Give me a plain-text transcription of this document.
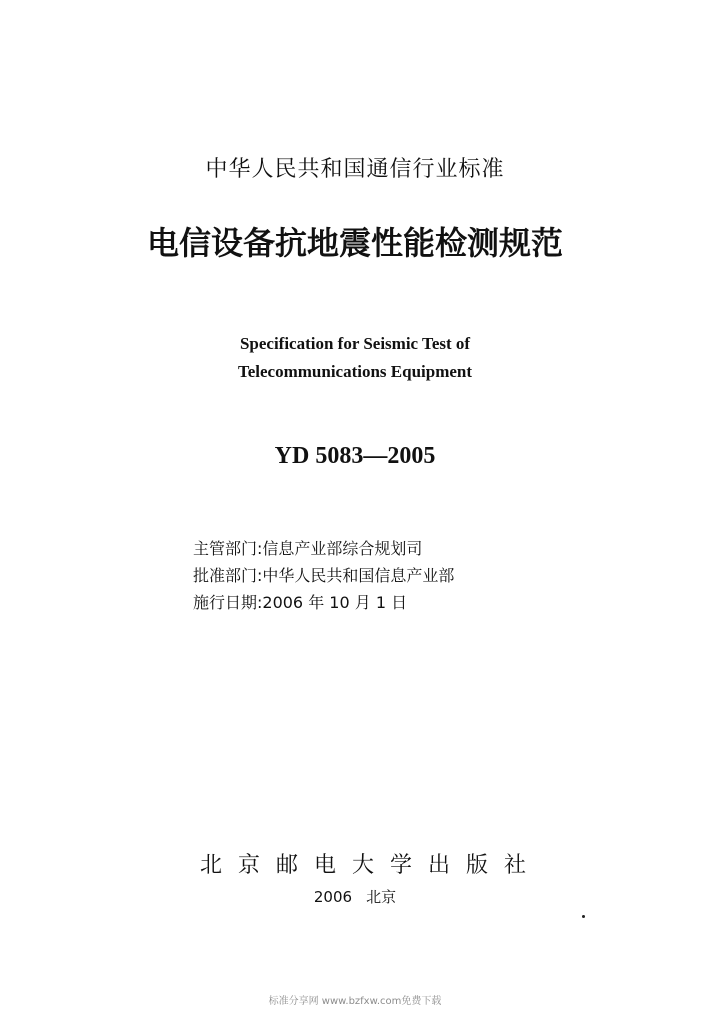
中华人民共和国通信行业标准
电信设备抗地震性能检测规范
Specification for Seismic Test of
Telecommunications Equipment
YD 5083—2005
主管部门:信息产业部综合规划司
批准部门:中华人民共和国信息产业部
施行日期:2006 年 10 月 1 日
北京邮电大学出版社
2006 北京
标准分享网 www.bzfxw.com免费下载
